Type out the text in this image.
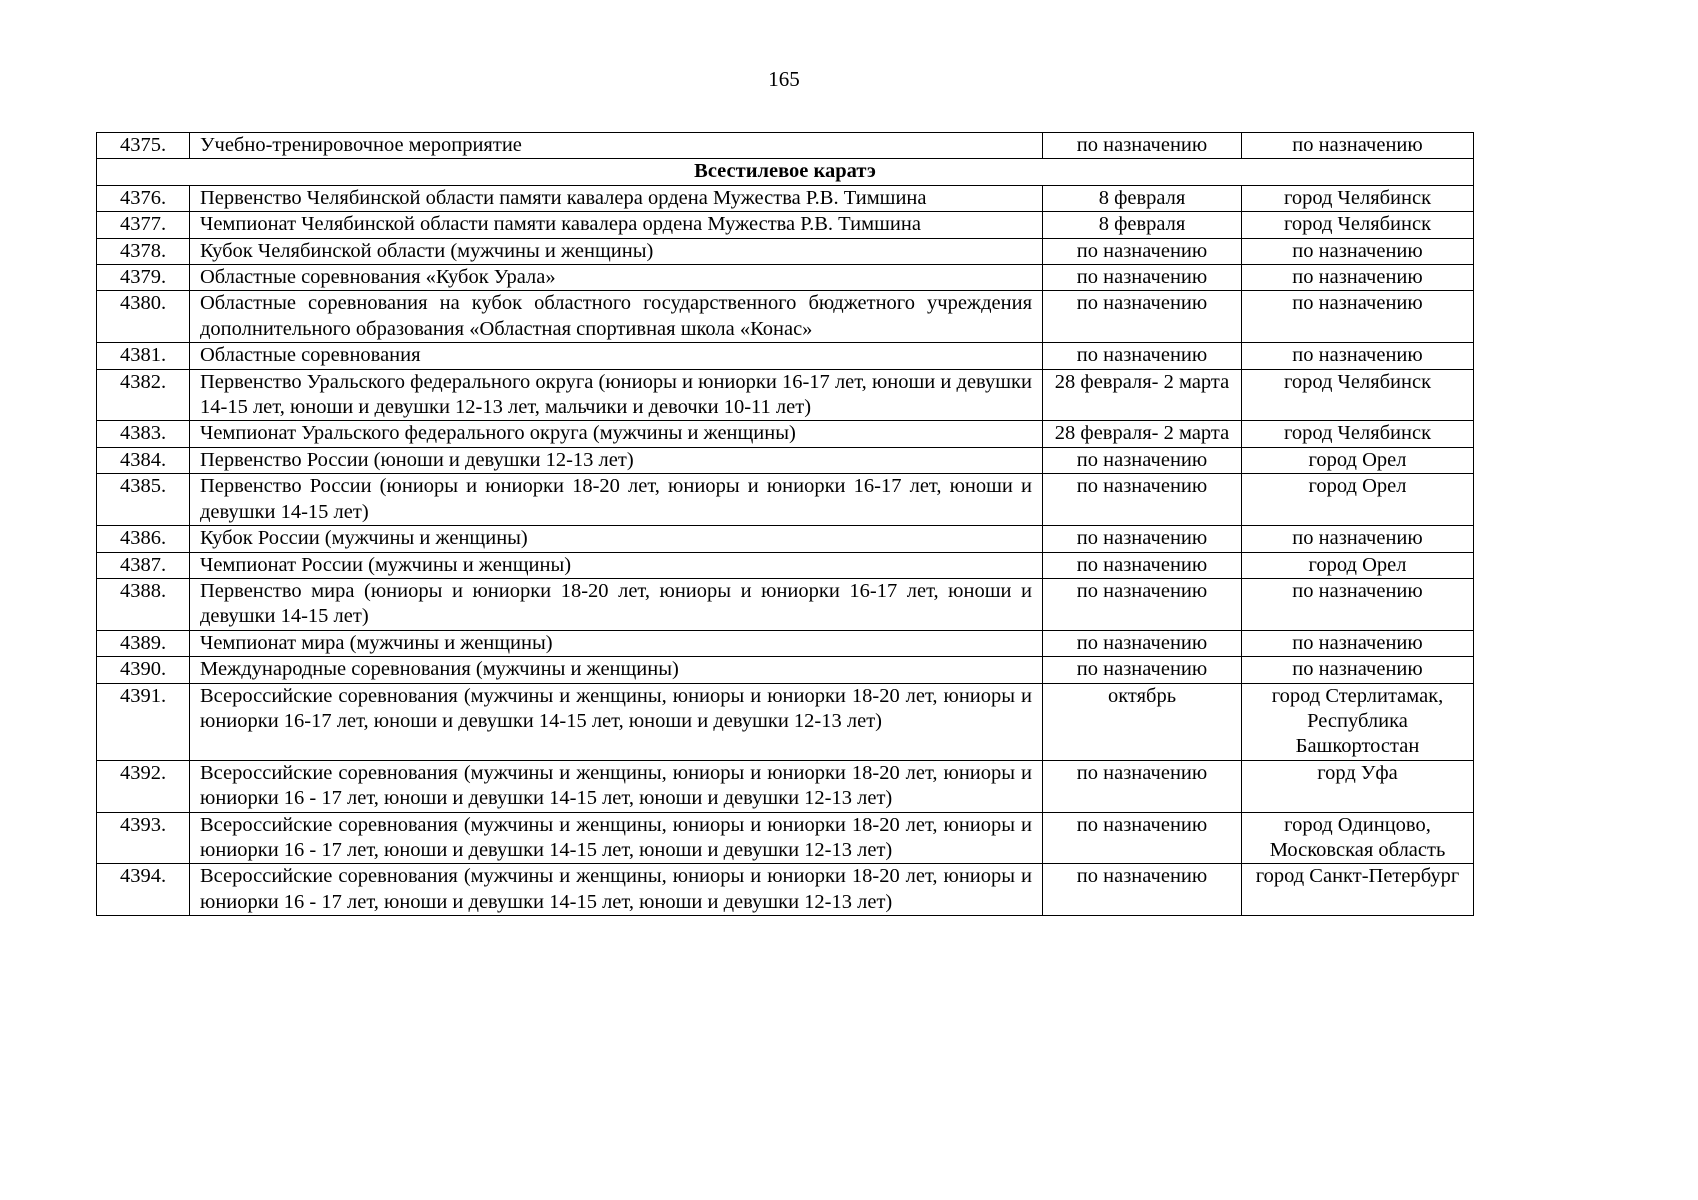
165
4375.	Учебно-тренировочное мероприятие	по назначению	по назначению
Всестилевое каратэ			
4376.	Первенство Челябинской области памяти кавалера ордена Мужества Р.В. Тимшина	8 февраля	город Челябинск
4377.	Чемпионат Челябинской области памяти кавалера ордена Мужества Р.В. Тимшина	8 февраля	город Челябинск
4378.	Кубок Челябинской области (мужчины и женщины)	по назначению	по назначению
4379.	Областные соревнования «Кубок Урала»	по назначению	по назначению
4380.	Областные соревнования на кубок областного государственного бюджетного учреждения дополнительного образования «Областная спортивная школа «Конас»	по назначению	по назначению
4381.	Областные соревнования	по назначению	по назначению
4382.	Первенство Уральского федерального округа (юниоры и юниорки 16-17 лет, юноши и девушки 14-15 лет, юноши и девушки 12-13 лет, мальчики и девочки 10-11 лет)	28 февраля- 2 марта	город Челябинск
4383.	Чемпионат Уральского федерального округа (мужчины и женщины)	28 февраля- 2 марта	город Челябинск
4384.	Первенство России (юноши и девушки 12-13 лет)	по назначению	город Орел
4385.	Первенство России (юниоры и юниорки 18-20 лет, юниоры и юниорки 16-17 лет, юноши и девушки 14-15 лет)	по назначению	город Орел
4386.	Кубок России (мужчины и женщины)	по назначению	по назначению
4387.	Чемпионат России (мужчины и женщины)	по назначению	город Орел
4388.	Первенство мира (юниоры и юниорки 18-20 лет, юниоры и юниорки 16-17 лет, юноши и девушки 14-15 лет)	по назначению	по назначению
4389.	Чемпионат мира (мужчины и женщины)	по назначению	по назначению
4390.	Международные соревнования (мужчины и женщины)	по назначению	по назначению
4391.	Всероссийские соревнования (мужчины и женщины, юниоры и юниорки 18-20 лет, юниоры и юниорки 16-17 лет, юноши и девушки 14-15 лет, юноши и девушки 12-13 лет)	октябрь	город Стерлитамак, Республика Башкортостан
4392.	Всероссийские соревнования (мужчины и женщины, юниоры и юниорки 18-20 лет, юниоры и юниорки 16 - 17 лет, юноши и девушки 14-15 лет, юноши и девушки 12-13 лет)	по назначению	горд Уфа
4393.	Всероссийские соревнования (мужчины и женщины, юниоры и юниорки 18-20 лет, юниоры и юниорки 16 - 17 лет, юноши и девушки 14-15 лет, юноши и девушки 12-13 лет)	по назначению	город Одинцово, Московская область
4394.	Всероссийские соревнования (мужчины и женщины, юниоры и юниорки 18-20 лет, юниоры и юниорки 16 - 17 лет, юноши и девушки 14-15 лет, юноши и девушки 12-13 лет)	по назначению	город Санкт-Петербург
